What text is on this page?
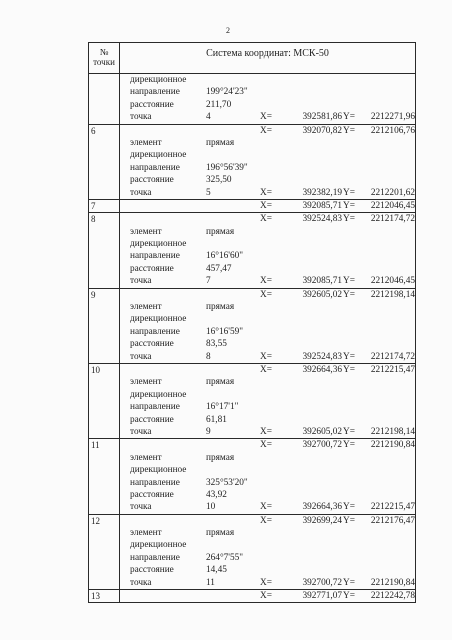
2
№ точки
Система координат: МСК-50
дирекционное
направление	199°24'23"
расстояние	211,70
точка	4	X=	392581,86 Y=	2212271,96
6	X=	392070,82 Y=	2212106,76
элемент	прямая
дирекционное
направление	196°56'39"
расстояние	325,50
точка	5	X=	392382,19 Y=	2212201,62
7	X=	392085,71 Y=	2212046,45
8	X=	392524,83 Y=	2212174,72
элемент	прямая
дирекционное
направление	16°16'60"
расстояние	457,47
точка	7	X=	392085,71 Y=	2212046,45
9	X=	392605,02 Y=	2212198,14
элемент	прямая
дирекционное
направление	16°16'59"
расстояние	83,55
точка	8	X=	392524,83 Y=	2212174,72
10	X=	392664,36 Y=	2212215,47
элемент	прямая
дирекционное
направление	16°17'1"
расстояние	61,81
точка	9	X=	392605,02 Y=	2212198,14
11	X=	392700,72 Y=	2212190,84
элемент	прямая
дирекционное
направление	325°53'20"
расстояние	43,92
точка	10	X=	392664,36 Y=	2212215,47
12	X=	392699,24 Y=	2212176,47
элемент	прямая
дирекционное
направление	264°7'55"
расстояние	14,45
точка	11	X=	392700,72 Y=	2212190,84
13	X=	392771,07 Y=	2212242,78
